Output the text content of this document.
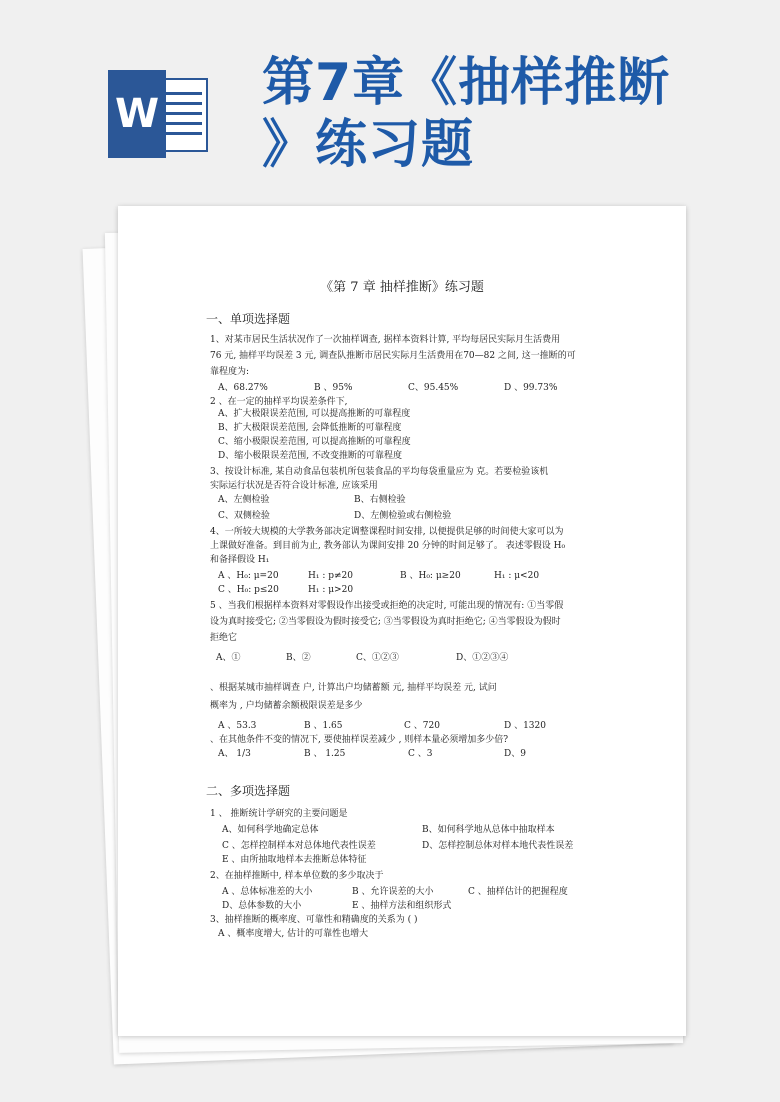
W
第7章《抽样推断
》练习题
《第 7 章 抽样推断》练习题
一、单项选择题
1、对某市居民生活状况作了一次抽样调查, 据样本资料计算, 平均每居民实际月生活费用
76 元, 抽样平均误差 3 元, 调查队推断市居民实际月生活费用在70—82 之间, 这一推断的可
靠程度为:
A、68.27%	B 、95%	C、95.45%	D 、99.73%
2 、在一定的抽样平均误差条件下,
A、扩大极限误差范围, 可以提高推断的可靠程度
B、扩大极限误差范围, 会降低推断的可靠程度
C、缩小极限误差范围, 可以提高推断的可靠程度
D、缩小极限误差范围, 不改变推断的可靠程度
3、按设计标准, 某自动食品包装机所包装食品的平均每袋重量应为 克。若要检验该机
实际运行状况是否符合设计标准, 应该采用
A、左侧检验	B、右侧检验
C、双侧检验	D、左侧检验或右侧检验
4、一所较大规模的大学教务部决定调整课程时间安排, 以便提供足够的时间使大家可以为
上课做好准备。到目前为止, 教务部认为课间安排 20 分钟的时间足够了。 表述零假设 H₀
和备择假设 H₁
A 、H₀: μ=20	H₁ : p≠20	B 、H₀: μ≥20	H₁ : μ<20
C 、H₀: p≤20	H₁ : μ>20
5 、当我们根据样本资料对零假设作出接受或拒绝的决定时, 可能出现的情况有: ①当零假
设为真时接受它; ②当零假设为假时接受它; ③当零假设为真时拒绝它; ④当零假设为假时
拒绝它
A、①	B、②	C、①②③	D、①②③④
、根据某城市抽样调查 户, 计算出户均储蓄额 元, 抽样平均误差 元, 试问
概率为 , 户均储蓄余额极限误差是多少
A 、53.3	B 、1.65	C 、720	D 、1320
、在其他条件不变的情况下, 要使抽样误差减少 , 则样本量必须增加多少倍?
A、 1/3	B 、 1.25	C 、3	D、9
二、多项选择题
1 、 推断统计学研究的主要问题是
A、如何科学地确定总体	B、如何科学地从总体中抽取样本
C 、怎样控制样本对总体地代表性误差	D、怎样控制总体对样本地代表性误差
E 、由所抽取地样本去推断总体特征
2、在抽样推断中, 样本单位数的多少取决于
A 、总体标准差的大小	B 、允许误差的大小	C 、抽样估计的把握程度
D、总体参数的大小	E 、抽样方法和组织形式
3、抽样推断的概率度、可靠性和精确度的关系为 ( )
A 、概率度增大, 估计的可靠性也增大
